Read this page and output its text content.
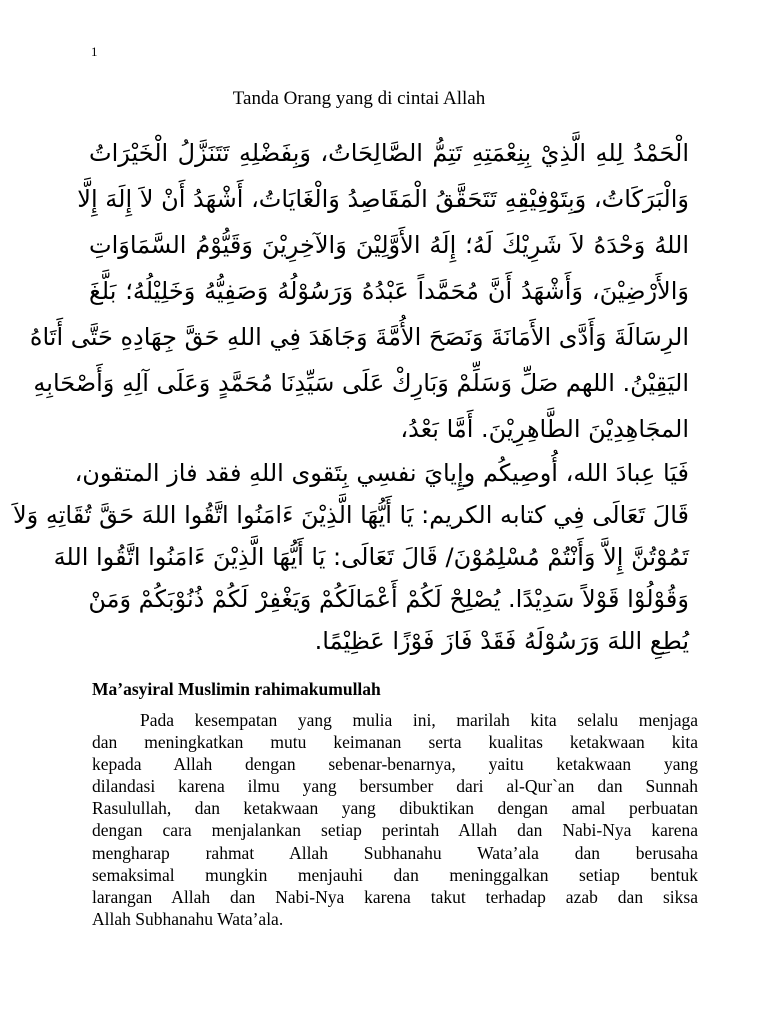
1
Tanda Orang yang di cintai Allah
الْحَمْدُ لِلهِ الَّذِيْ بِنِعْمَتِهِ تَتِمُّ الصَّالِحَاتُ، وَبِفَضْلِهِ تَتَنَزَّلُ الْخَيْرَاتُ
وَالْبَرَكَاتُ، وَبِتَوْفِيْقِهِ تَتَحَقَّقُ الْمَقَاصِدُ وَالْغَايَاتُ، أَشْهَدُ أَنْ لاَ إِلَهَ إِلَّا
اللهُ وَحْدَهُ لاَ شَرِيْكَ لَهُ؛ إِلَهُ الأَوَّلِيْنَ وَالآخِرِيْنَ وَقَيُّوْمُ السَّمَاوَاتِ
وَالأَرْضِيْنَ، وَأَشْهَدُ أَنَّ مُحَمَّداً عَبْدُهُ وَرَسُوْلُهُ وَصَفِيُّهُ وَخَلِيْلُهُ؛ بَلَّغَ
الرِسَالَةَ وَأَدَّى الأَمَانَةَ وَنَصَحَ الأُمَّةَ وَجَاهَدَ فِي اللهِ حَقَّ جِهَادِهِ حَتَّى أَتَاهُ
اليَقِيْنُ. اللهم صَلِّ وَسَلِّمْ وَبَارِكْ عَلَى سَيِّدِنَا مُحَمَّدٍ وَعَلَى آلِهِ وَأَصْحَابِهِ
المجَاهِدِيْنَ الطَّاهِرِيْنَ. أَمَّا بَعْدُ،
فَيَا عِبادَ الله، أُوصِيكُم وإِيايَ نفسِي بِتَقوى اللهِ فقد فاز المتقون،
قَالَ تَعَالَى فِي كتابه الكريم: يَا أَيُّهَا الَّذِيْنَ ءَامَنُوا اتَّقُوا اللهَ حَقَّ تُقَاتِهِ وَلاَ
تَمُوْتُنَّ إِلاَّ وَأَنْتُمْ مُسْلِمُوْنَ/ قَالَ تَعَالَى: يَا أَيُّهَا الَّذِيْنَ ءَامَنُوا اتَّقُوا اللهَ
وَقُوْلُوْا قَوْلاً سَدِيْدًا. يُصْلِحْ لَكُمْ أَعْمَالَكُمْ وَيَغْفِرْ لَكُمْ ذُنُوْبَكُمْ وَمَنْ
يُطِعِ اللهَ وَرَسُوْلَهُ فَقَدْ فَازَ فَوْزًا عَظِيْمًا.
Ma’asyiral Muslimin rahimakumullah
Pada kesempatan yang mulia ini, marilah kita selalu menjaga
dan meningkatkan mutu keimanan serta kualitas ketakwaan kita
kepada Allah dengan sebenar-benarnya, yaitu ketakwaan yang
dilandasi karena ilmu yang bersumber dari al-Qur`an dan Sunnah
Rasulullah, dan ketakwaan yang dibuktikan dengan amal perbuatan
dengan cara menjalankan setiap perintah Allah dan Nabi-Nya karena
mengharap rahmat Allah Subhanahu Wata’ala dan berusaha
semaksimal mungkin menjauhi dan meninggalkan setiap bentuk
larangan Allah dan Nabi-Nya karena takut terhadap azab dan siksa
Allah Subhanahu Wata’ala.
